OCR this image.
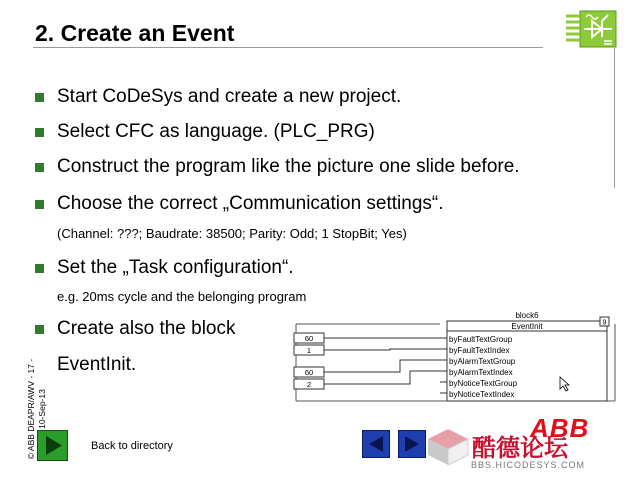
2. Create an Event
Start CoDeSys and create a new project.
Select CFC as language. (PLC_PRG)
Construct the program like the picture one slide before.
Choose the correct „Communication settings“.
(Channel: ???; Baudrate: 38500; Parity: Odd; 1 StopBit; Yes)
Set the „Task configuration“.
e.g. 20ms cycle and the belonging program
Create also the block
EventInit.
block6
EventInit	9
byFaultTextGroup
byFaultTextIndex
byAlarmTextGroup
byAlarmTextIndex
byNoticeTextGroup
byNoticeTextIndex
60
1
60
2
© ABB DEAPR/AWV - 17 - 10-Sep-13
Back to directory
ABB
酷德论坛
BBS.HICODESYS.COM
